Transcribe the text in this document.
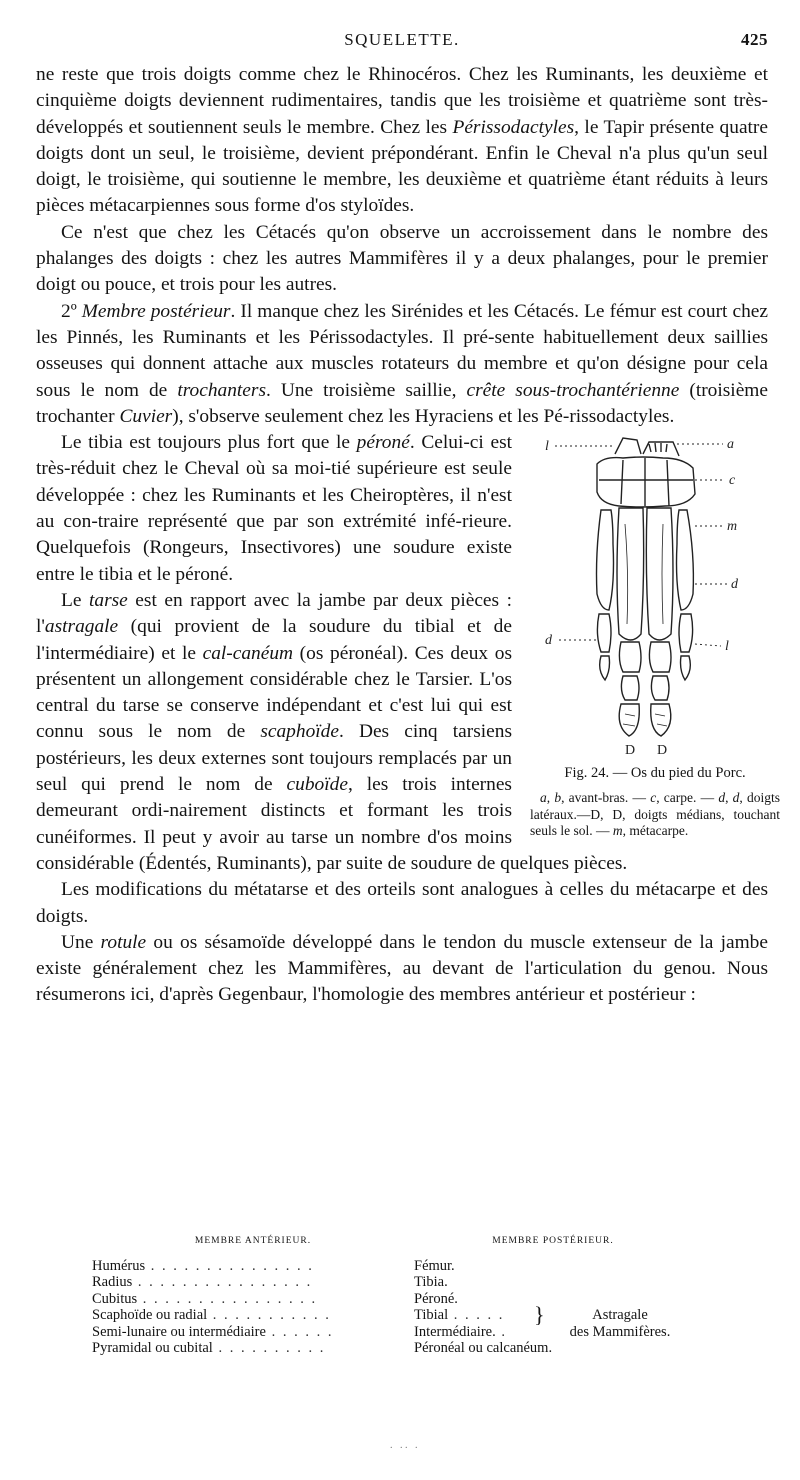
SQUELETTE.	425

ne reste que trois doigts comme chez le Rhinocéros. Chez les Ruminants, les deuxième et cinquième doigts deviennent rudimentaires, tandis que les troisième et quatrième sont très-développés et soutiennent seuls le membre. Chez les Périssodactyles, le Tapir présente quatre doigts dont un seul, le troisième, devient prépondérant. Enfin le Cheval n'a plus qu'un seul doigt, le troisième, qui soutienne le membre, les deuxième et quatrième étant réduits à leurs pièces métacarpiennes sous forme d'os styloïdes.

Ce n'est que chez les Cétacés qu'on observe un accroissement dans le nombre des phalanges des doigts : chez les autres Mammifères il y a deux phalanges, pour le premier doigt ou pouce, et trois pour les autres.

2º Membre postérieur. Il manque chez les Sirénides et les Cétacés. Le fémur est court chez les Pinnés, les Ruminants et les Périssodactyles. Il pré-sente habituellement deux saillies osseuses qui donnent attache aux muscles rotateurs du membre et qu'on désigne pour cela sous le nom de trochanters. Une troisième saillie, crête sous-trochantérienne (troisième trochanter Cuvier), s'observe seulement chez les Hyraciens et les Pé-rissodactyles.

l	a
c
m
d
d	l
D D
Fig. 24. — Os du pied du Porc.
a, b, avant-bras. — c, carpe. — d, d, doigts latéraux.—D, D, doigts médians, touchant seuls le sol. — m, métacarpe.

Le tibia est toujours plus fort que le péroné. Celui-ci est très-réduit chez le Cheval où sa moi-tié supérieure est seule développée : chez les Ruminants et les Cheiroptères, il n'est au con-traire représenté que par son extrémité infé-rieure. Quelquefois (Rongeurs, Insectivores) une soudure existe entre le tibia et le péroné.

Le tarse est en rapport avec la jambe par deux pièces : l'astragale (qui provient de la soudure du tibial et de l'intermédiaire) et le cal-canéum (os péronéal). Ces deux os présentent un allongement considérable chez le Tarsier. L'os central du tarse se conserve indépendant et c'est lui qui est connu sous le nom de scaphoïde. Des cinq tarsiens postérieurs, les deux externes sont toujours remplacés par un seul qui prend le nom de cuboïde, les trois internes demeurant ordi-nairement distincts et formant les trois cunéiformes. Il peut y avoir au tarse un nombre d'os moins considérable (Édentés, Ruminants), par suite de soudure de quelques pièces.

Les modifications du métatarse et des orteils sont analogues à celles du métacarpe et des doigts.

Une rotule ou os sésamoïde développé dans le tendon du muscle extenseur de la jambe existe généralement chez les Mammifères, au devant de l'articulation du genou. Nous résumerons ici, d'après Gegenbaur, l'homologie des membres antérieur et postérieur :

MEMBRE ANTÉRIEUR.	MEMBRE POSTÉRIEUR.		
Humérus . . . . . . . . . . . . . . .	Fémur.		
Radius . . . . . . . . . . . . . . . .	Tibia.		
Cubitus . . . . . . . . . . . . . . . .	Péroné.		
Scaphoïde ou radial . . . . . . . . . . .	Tibial . . . . .	}	Astragale
des Mammifères.
Semi-lunaire ou intermédiaire . . . . . .	Intermédiaire. .		
Pyramidal ou cubital . . . . . . . . . .	Péronéal ou calcanéum.		
.   . .   .
